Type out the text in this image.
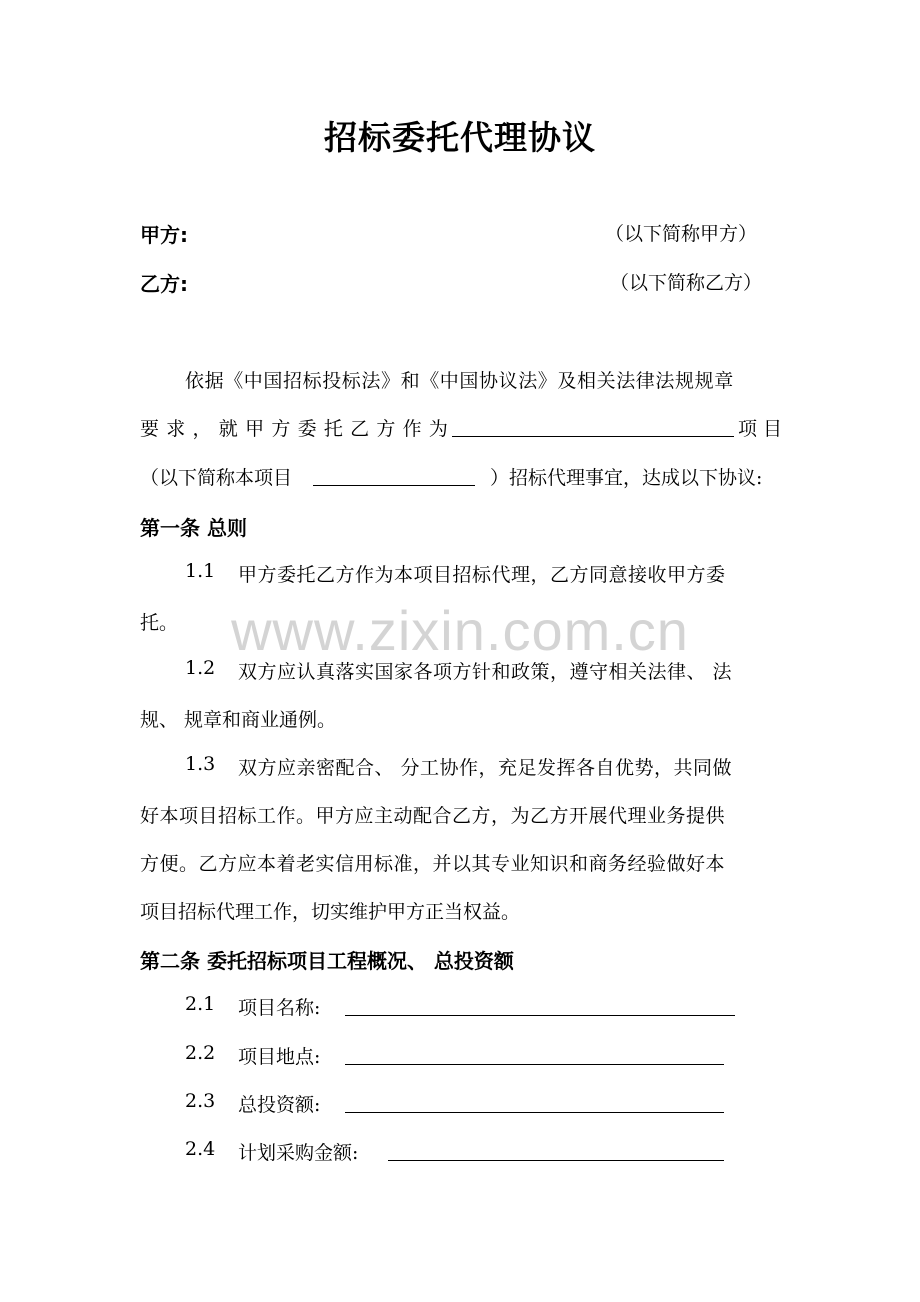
招标委托代理协议
甲方:	（以下简称甲方）
乙方:	（以下简称乙方）
依据《中国招标投标法》和《中国协议法》及相关法律法规规章
要 求 ， 就 甲 方 委 托 乙 方 作 为	项目
（以下简称本项目	）招标代理事宜，达成以下协议:
第一条 总则
1.1 甲方委托乙方作为本项目招标代理，乙方同意接收甲方委
托。
1.2 双方应认真落实国家各项方针和政策，遵守相关法律、 法
规、 规章和商业通例。
1.3 双方应亲密配合、 分工协作，充足发挥各自优势，共同做
好本项目招标工作。甲方应主动配合乙方，为乙方开展代理业务提供
方便。乙方应本着老实信用标准，并以其专业知识和商务经验做好本
项目招标代理工作，切实维护甲方正当权益。
第二条 委托招标项目工程概况、 总投资额
2.1 项目名称:
2.2 项目地点:
2.3 总投资额:
2.4 计划采购金额:
www.zixin.com.cn
